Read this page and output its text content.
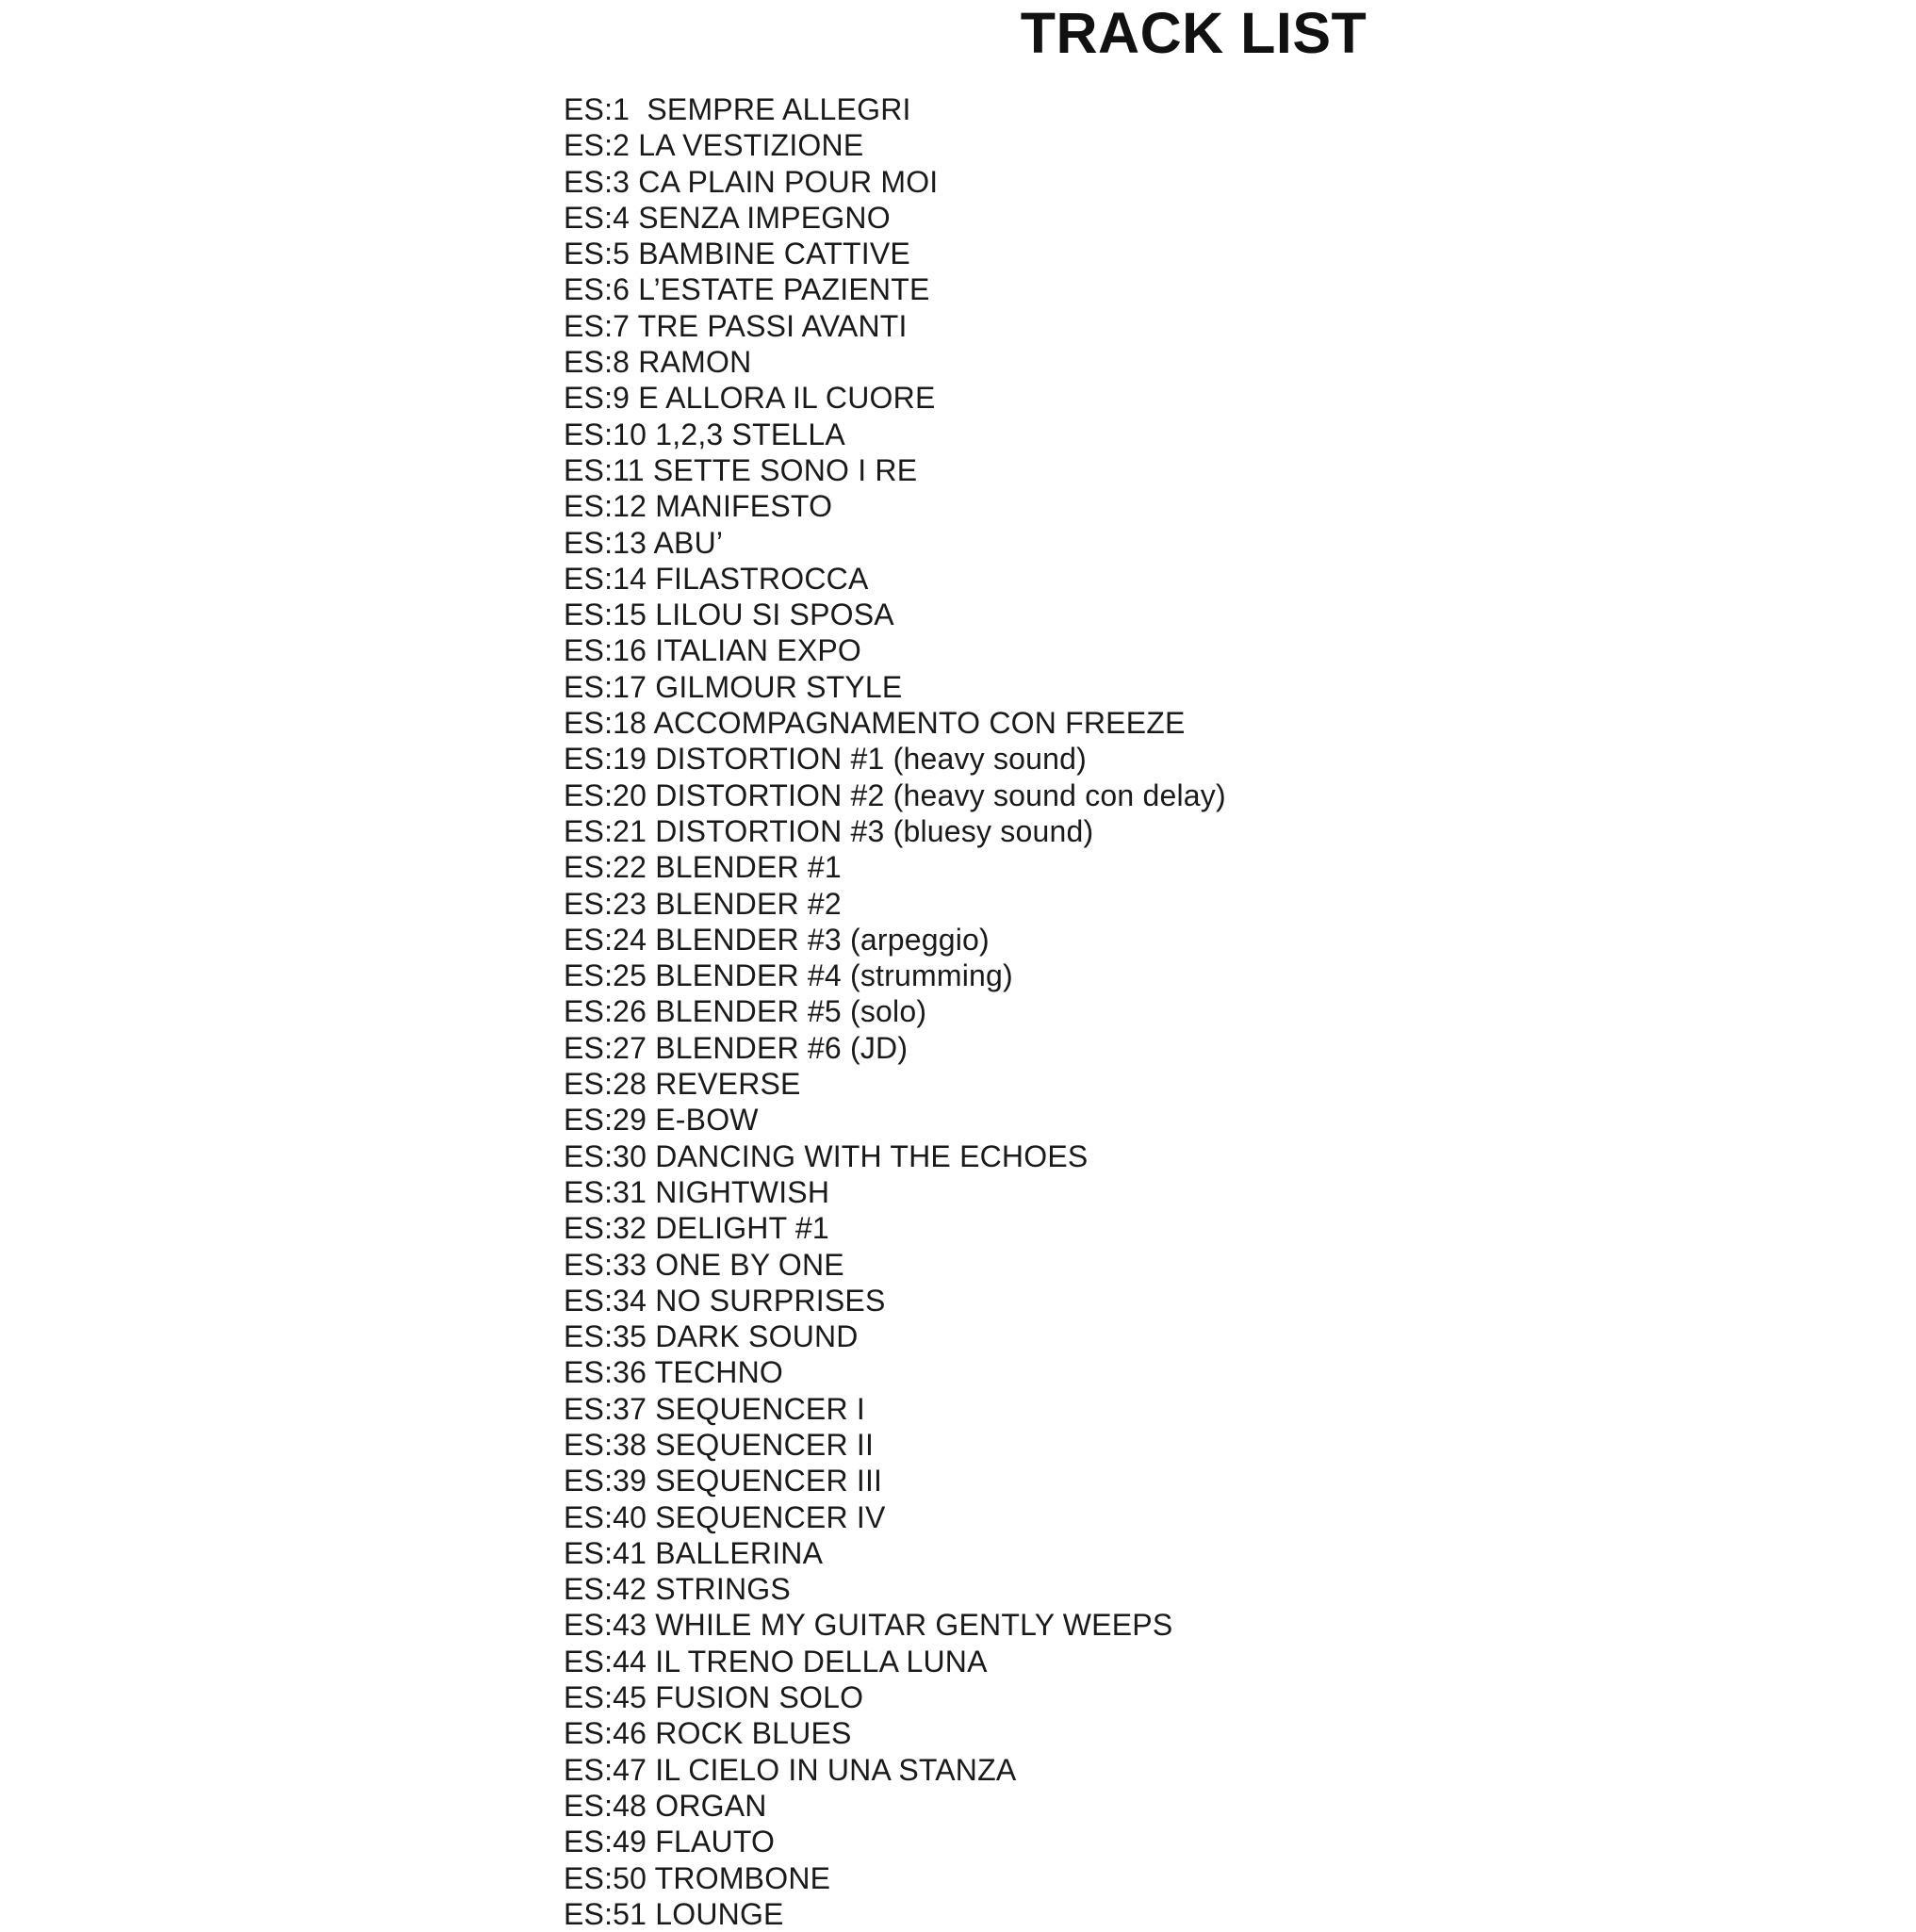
TRACK LIST
ES:1  SEMPRE ALLEGRI
ES:2 LA VESTIZIONE
ES:3 CA PLAIN POUR MOI
ES:4 SENZA IMPEGNO
ES:5 BAMBINE CATTIVE
ES:6 L’ESTATE PAZIENTE
ES:7 TRE PASSI AVANTI
ES:8 RAMON
ES:9 E ALLORA IL CUORE
ES:10 1,2,3 STELLA
ES:11 SETTE SONO I RE
ES:12 MANIFESTO
ES:13 ABU’
ES:14 FILASTROCCA
ES:15 LILOU SI SPOSA
ES:16 ITALIAN EXPO
ES:17 GILMOUR STYLE
ES:18 ACCOMPAGNAMENTO CON FREEZE
ES:19 DISTORTION #1 (heavy sound)
ES:20 DISTORTION #2 (heavy sound con delay)
ES:21 DISTORTION #3 (bluesy sound)
ES:22 BLENDER #1
ES:23 BLENDER #2
ES:24 BLENDER #3 (arpeggio)
ES:25 BLENDER #4 (strumming)
ES:26 BLENDER #5 (solo)
ES:27 BLENDER #6 (JD)
ES:28 REVERSE
ES:29 E-BOW
ES:30 DANCING WITH THE ECHOES
ES:31 NIGHTWISH
ES:32 DELIGHT #1
ES:33 ONE BY ONE
ES:34 NO SURPRISES
ES:35 DARK SOUND
ES:36 TECHNO
ES:37 SEQUENCER I
ES:38 SEQUENCER II
ES:39 SEQUENCER III
ES:40 SEQUENCER IV
ES:41 BALLERINA
ES:42 STRINGS
ES:43 WHILE MY GUITAR GENTLY WEEPS
ES:44 IL TRENO DELLA LUNA
ES:45 FUSION SOLO
ES:46 ROCK BLUES
ES:47 IL CIELO IN UNA STANZA
ES:48 ORGAN
ES:49 FLAUTO
ES:50 TROMBONE
ES:51 LOUNGE
